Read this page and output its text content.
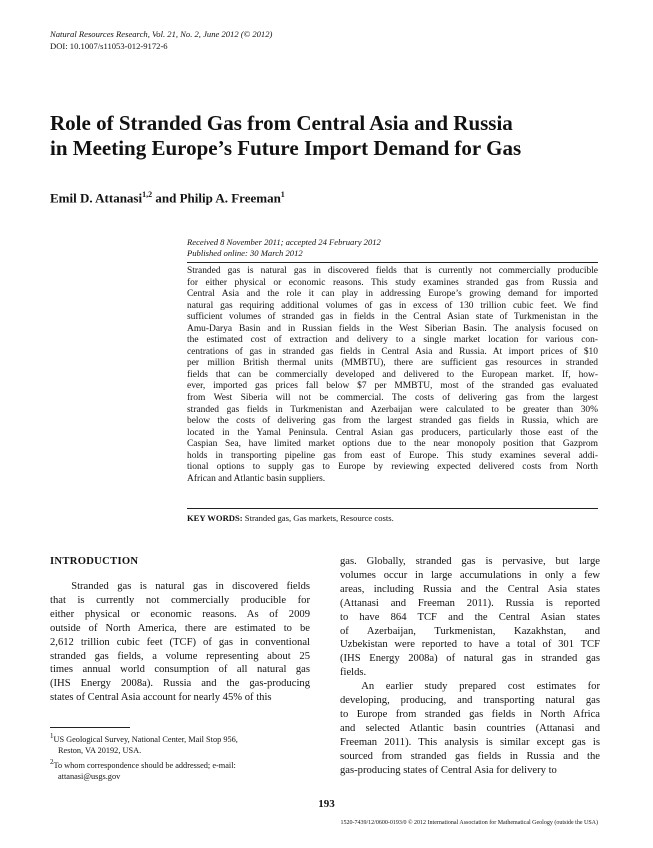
Natural Resources Research, Vol. 21, No. 2, June 2012 (© 2012)
DOI: 10.1007/s11053-012-9172-6
Role of Stranded Gas from Central Asia and Russia
in Meeting Europe’s Future Import Demand for Gas
Emil D. Attanasi$^{1,2}$ and Philip A. Freeman$^1$
Received 8 November 2011; accepted 24 February 2012
Published online: 30 March 2012
Stranded gas is natural gas in discovered fields that is currently not commercially producible
for either physical or economic reasons. This study examines stranded gas from Russia and
Central Asia and the role it can play in addressing Europe’s growing demand for imported
natural gas requiring additional volumes of gas in excess of 130 trillion cubic feet. We find
sufficient volumes of stranded gas in fields in the Central Asian state of Turkmenistan in the
Amu-Darya Basin and in Russian fields in the West Siberian Basin. The analysis focused on
the estimated cost of extraction and delivery to a single market location for various con-
centrations of gas in stranded gas fields in Central Asia and Russia. At import prices of $10
per million British thermal units (MMBTU), there are sufficient gas resources in stranded
fields that can be commercially developed and delivered to the European market. If, how-
ever, imported gas prices fall below $7 per MMBTU, most of the stranded gas evaluated
from West Siberia will not be commercial. The costs of delivering gas from the largest
stranded gas fields in Turkmenistan and Azerbaijan were calculated to be greater than 30%
below the costs of delivering gas from the largest stranded gas fields in Russia, which are
located in the Yamal Peninsula. Central Asian gas producers, particularly those east of the
Caspian Sea, have limited market options due to the near monopoly position that Gazprom
holds in transporting pipeline gas from east of Europe. This study examines several addi-
tional options to supply gas to Europe by reviewing expected delivered costs from North
African and Atlantic basin suppliers.
KEY WORDS: Stranded gas, Gas markets, Resource costs.
INTRODUCTION
Stranded gas is natural gas in discovered fields
that is currently not commercially producible for
either physical or economic reasons. As of 2009
outside of North America, there are estimated to be
2,612 trillion cubic feet (TCF) of gas in conventional
stranded gas fields, a volume representing about 25
times annual world consumption of all natural gas
(IHS Energy 2008a). Russia and the gas-producing
states of Central Asia account for nearly 45% of this
gas. Globally, stranded gas is pervasive, but large
volumes occur in large accumulations in only a few
areas, including Russia and the Central Asia states
(Attanasi and Freeman 2011). Russia is reported
to have 864 TCF and the Central Asian states
of Azerbaijan, Turkmenistan, Kazakhstan, and
Uzbekistan were reported to have a total of 301 TCF
(IHS Energy 2008a) of natural gas in stranded gas
fields.
An earlier study prepared cost estimates for
developing, producing, and transporting natural gas
to Europe from stranded gas fields in North Africa
and selected Atlantic basin countries (Attanasi and
Freeman 2011). This analysis is similar except gas is
sourced from stranded gas fields in Russia and the
gas-producing states of Central Asia for delivery to
$^1$US Geological Survey, National Center, Mail Stop 956,
Reston, VA 20192, USA.
$^2$To whom correspondence should be addressed; e-mail:
attanasi@usgs.gov
193
1520-7439/12/0600-0193/0 © 2012 International Association for Mathematical Geology (outside the USA)
